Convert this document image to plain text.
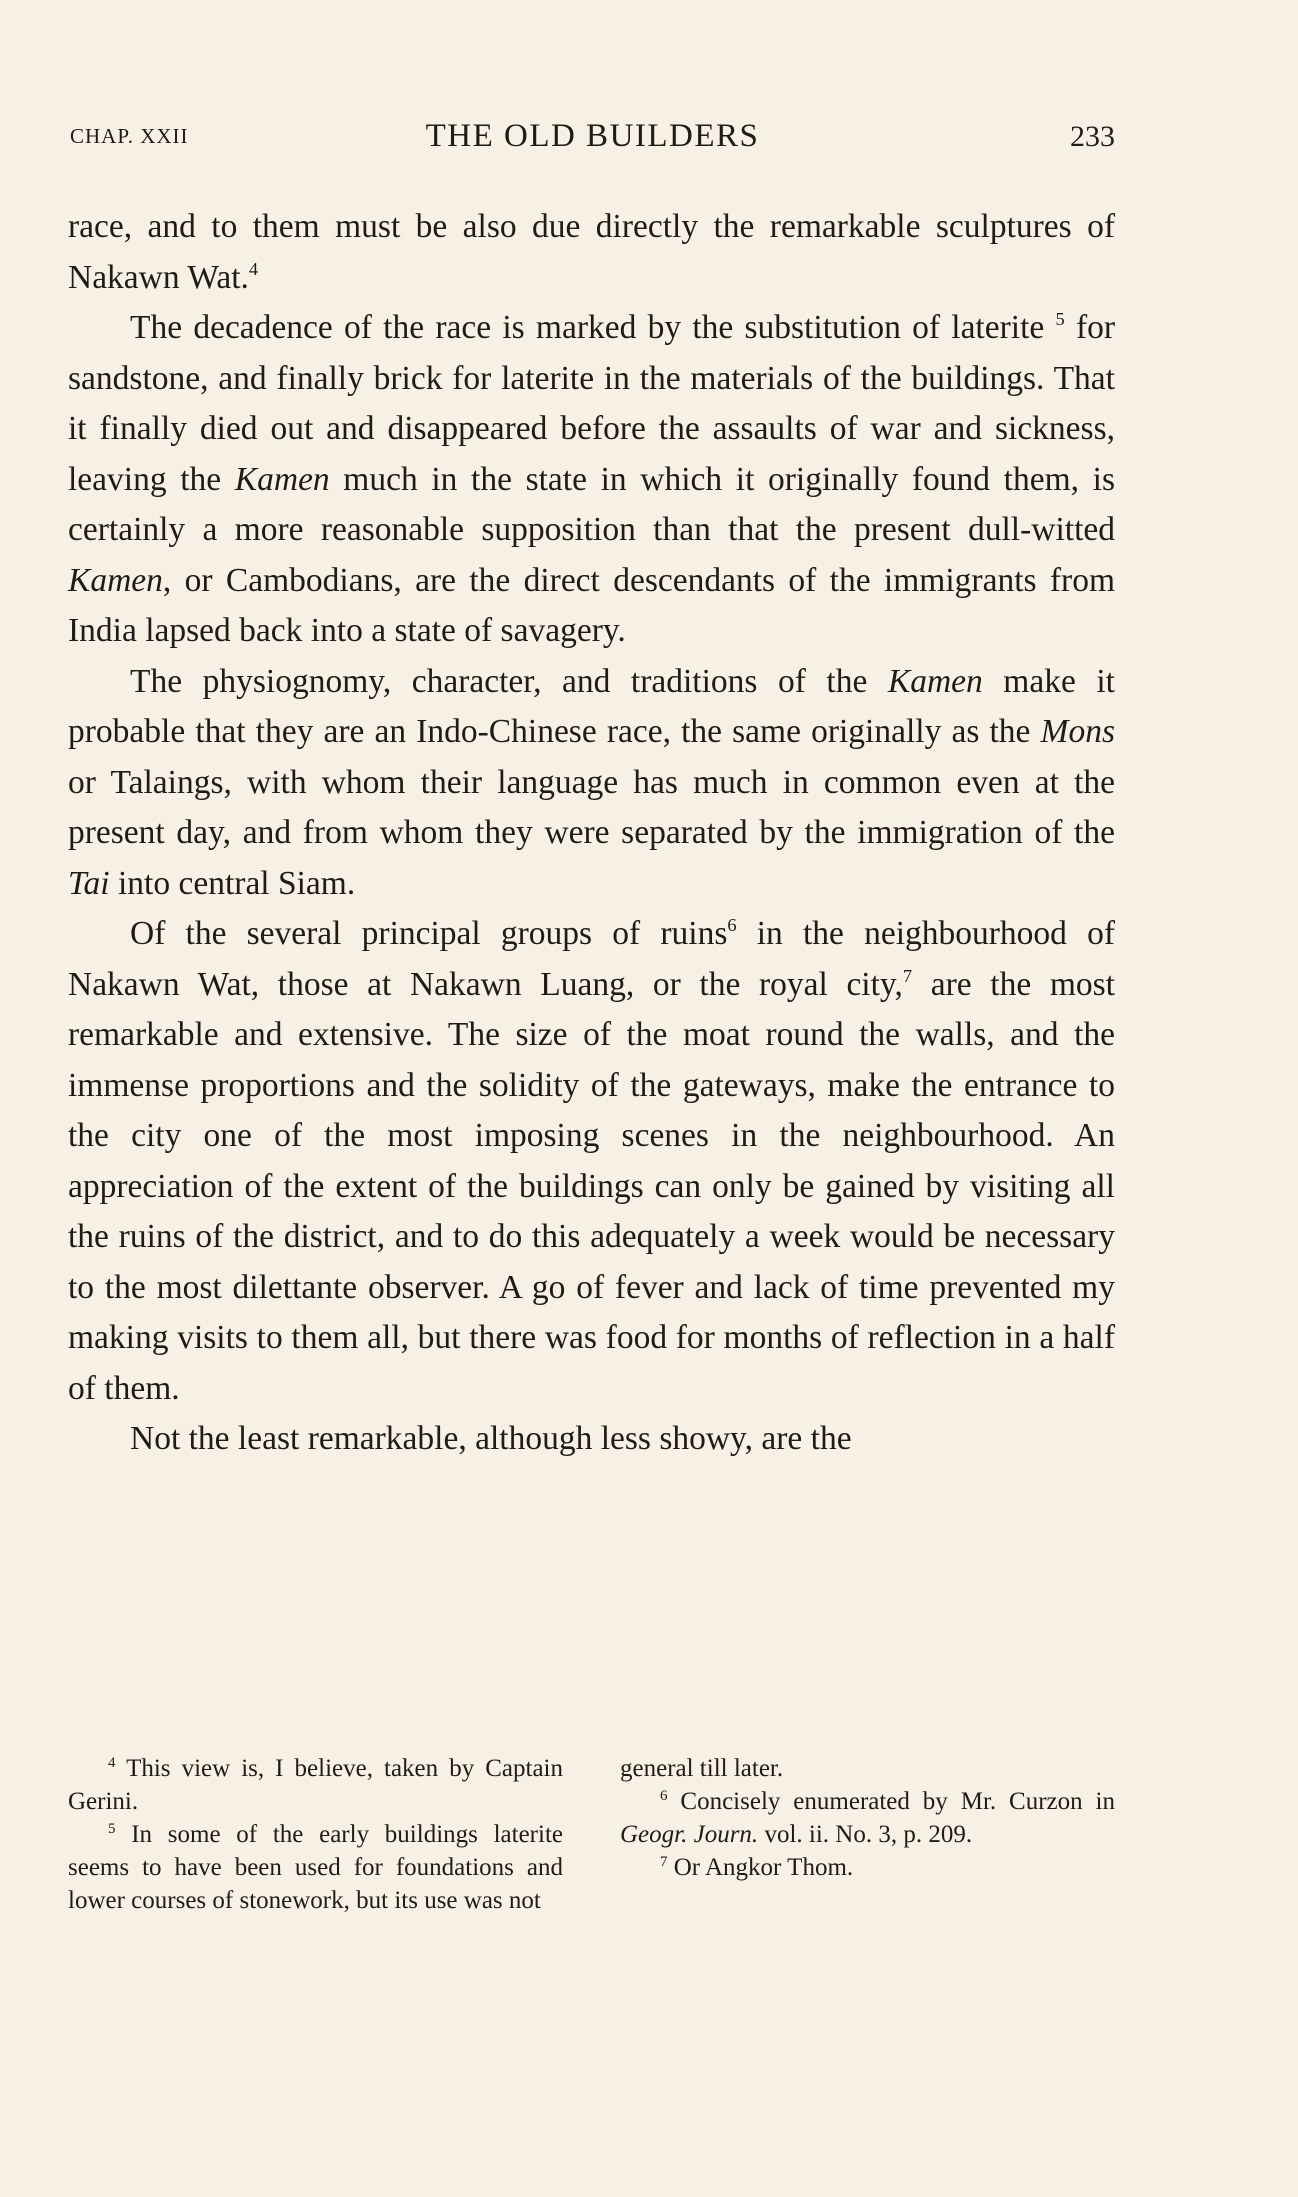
CHAP. XXII	THE OLD BUILDERS	233

race, and to them must be also due directly the remarkable sculptures of Nakawn Wat.$^4$

The decadence of the race is marked by the substitution of laterite $^5$ for sandstone, and finally brick for laterite in the materials of the buildings. That it finally died out and disappeared before the assaults of war and sickness, leaving the Kamen much in the state in which it originally found them, is certainly a more reasonable supposition than that the present dull-witted Kamen, or Cambodians, are the direct descendants of the immigrants from India lapsed back into a state of savagery.

The physiognomy, character, and traditions of the Kamen make it probable that they are an Indo-Chinese race, the same originally as the Mons or Talaings, with whom their language has much in common even at the present day, and from whom they were separated by the immigration of the Tai into central Siam.

Of the several principal groups of ruins$^6$ in the neighbourhood of Nakawn Wat, those at Nakawn Luang, or the royal city,$^7$ are the most remarkable and extensive. The size of the moat round the walls, and the immense proportions and the solidity of the gateways, make the entrance to the city one of the most imposing scenes in the neighbourhood. An appreciation of the extent of the buildings can only be gained by visiting all the ruins of the district, and to do this adequately a week would be necessary to the most dilettante observer. A go of fever and lack of time prevented my making visits to them all, but there was food for months of reflection in a half of them.

Not the least remarkable, although less showy, are the

$^4$ This view is, I believe, taken by Captain Gerini.

$^5$ In some of the early buildings laterite seems to have been used for foundations and lower courses of stonework, but its use was not

general till later.

$^6$ Concisely enumerated by Mr. Curzon in Geogr. Journ. vol. ii. No. 3, p. 209.

$^7$ Or Angkor Thom.
